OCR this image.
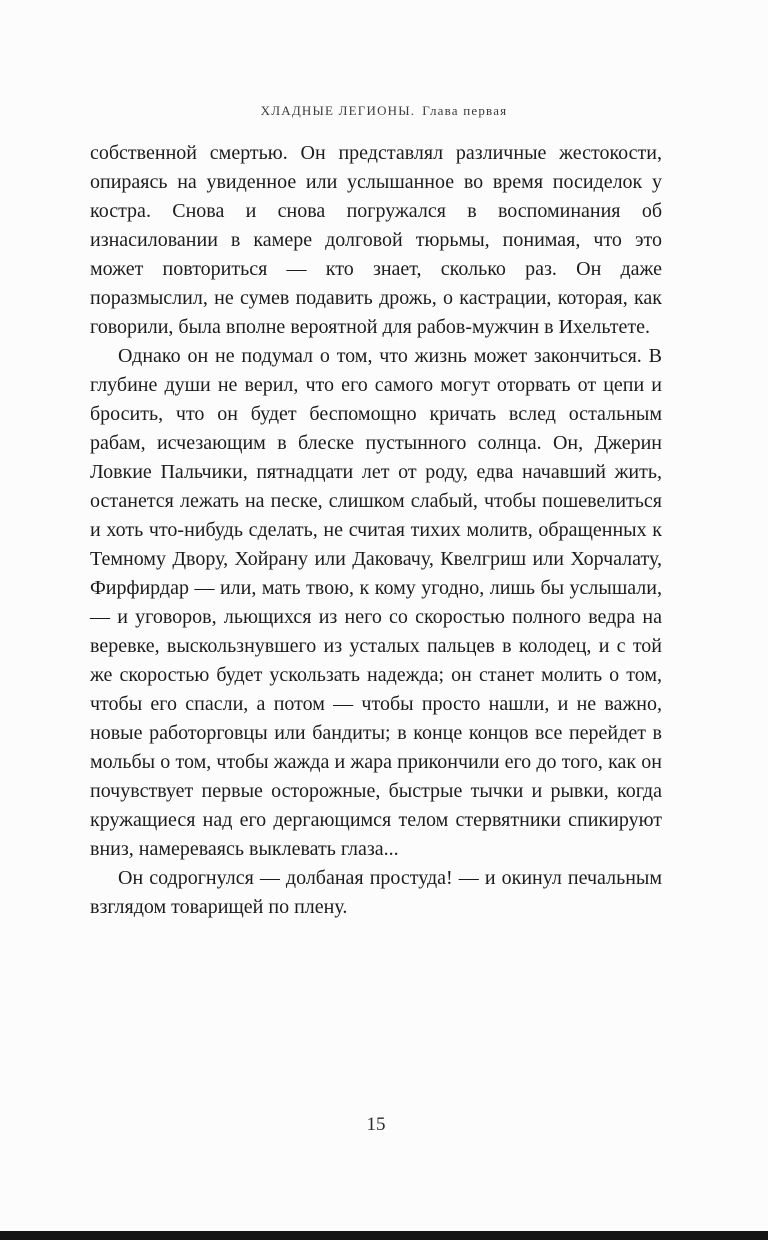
ХЛАДНЫЕ ЛЕГИОНЫ. Глава первая

собственной смертью. Он представлял различные жестокости, опираясь на увиденное или услышанное во время посиделок у костра. Снова и снова погружался в воспоминания об изнасиловании в камере долговой тюрьмы, понимая, что это может повториться — кто знает, сколько раз. Он даже поразмыслил, не сумев подавить дрожь, о кастрации, которая, как говорили, была вполне вероятной для рабов-мужчин в Ихельтете.

Однако он не подумал о том, что жизнь может закончиться. В глубине души не верил, что его самого могут оторвать от цепи и бросить, что он будет беспомощно кричать вслед остальным рабам, исчезающим в блеске пустынного солнца. Он, Джерин Ловкие Пальчики, пятнадцати лет от роду, едва начавший жить, останется лежать на песке, слишком слабый, чтобы пошевелиться и хоть что-нибудь сделать, не считая тихих молитв, обращенных к Темному Двору, Хойрану или Даковачу, Квелгриш или Хорчалату, Фирфирдар — или, мать твою, к кому угодно, лишь бы услышали, — и уговоров, льющихся из него со скоростью полного ведра на веревке, выскользнувшего из усталых пальцев в колодец, и с той же скоростью будет ускользать надежда; он станет молить о том, чтобы его спасли, а потом — чтобы просто нашли, и не важно, новые работорговцы или бандиты; в конце концов все перейдет в мольбы о том, чтобы жажда и жара прикончили его до того, как он почувствует первые осторожные, быстрые тычки и рывки, когда кружащиеся над его дергающимся телом стервятники спикируют вниз, намереваясь выклевать глаза...

Он содрогнулся — долбаная простуда! — и окинул печальным взглядом товарищей по плену.

15
